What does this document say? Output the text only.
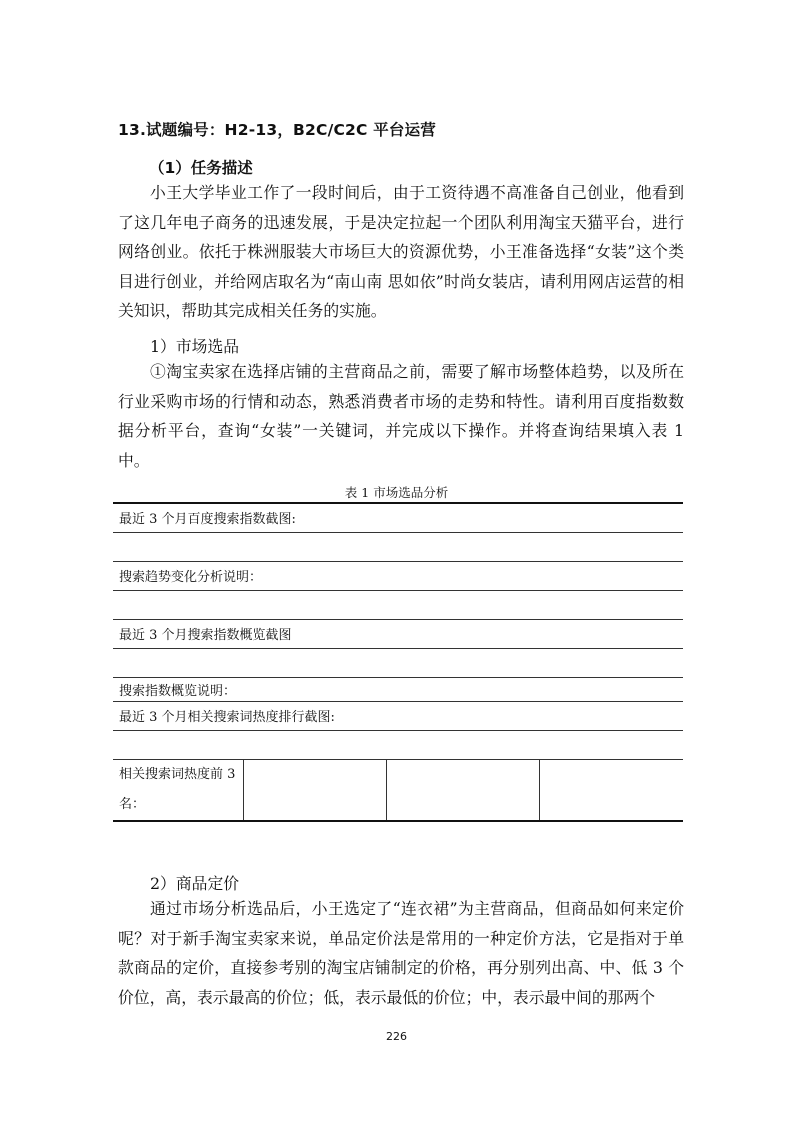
13.试题编号：H2-13，B2C/C2C 平台运营
（1）任务描述

小王大学毕业工作了一段时间后，由于工资待遇不高准备自己创业，他看到了这几年电子商务的迅速发展，于是决定拉起一个团队利用淘宝天猫平台，进行网络创业。依托于株洲服装大市场巨大的资源优势，小王准备选择“女装”这个类目进行创业，并给网店取名为“南山南 思如依”时尚女装店，请利用网店运营的相关知识，帮助其完成相关任务的实施。

1）市场选品

①淘宝卖家在选择店铺的主营商品之前，需要了解市场整体趋势，以及所在行业采购市场的行情和动态，熟悉消费者市场的走势和特性。请利用百度指数数据分析平台，查询“女装”一关键词，并完成以下操作。并将查询结果填入表 1 中。

表 1 市场选品分析
最近 3 个月百度搜索指数截图:

搜索趋势变化分析说明：

最近 3 个月搜索指数概览截图

搜索指数概览说明：
最近 3 个月相关搜索词热度排行截图:

相关搜索词热度前 3 名：			
2）商品定价

通过市场分析选品后，小王选定了“连衣裙”为主营商品，但商品如何来定价呢？对于新手淘宝卖家来说，单品定价法是常用的一种定价方法，它是指对于单款商品的定价，直接参考别的淘宝店铺制定的价格，再分别列出高、中、低 3 个价位，高，表示最高的价位；低，表示最低的价位；中，表示最中间的那两个

226
